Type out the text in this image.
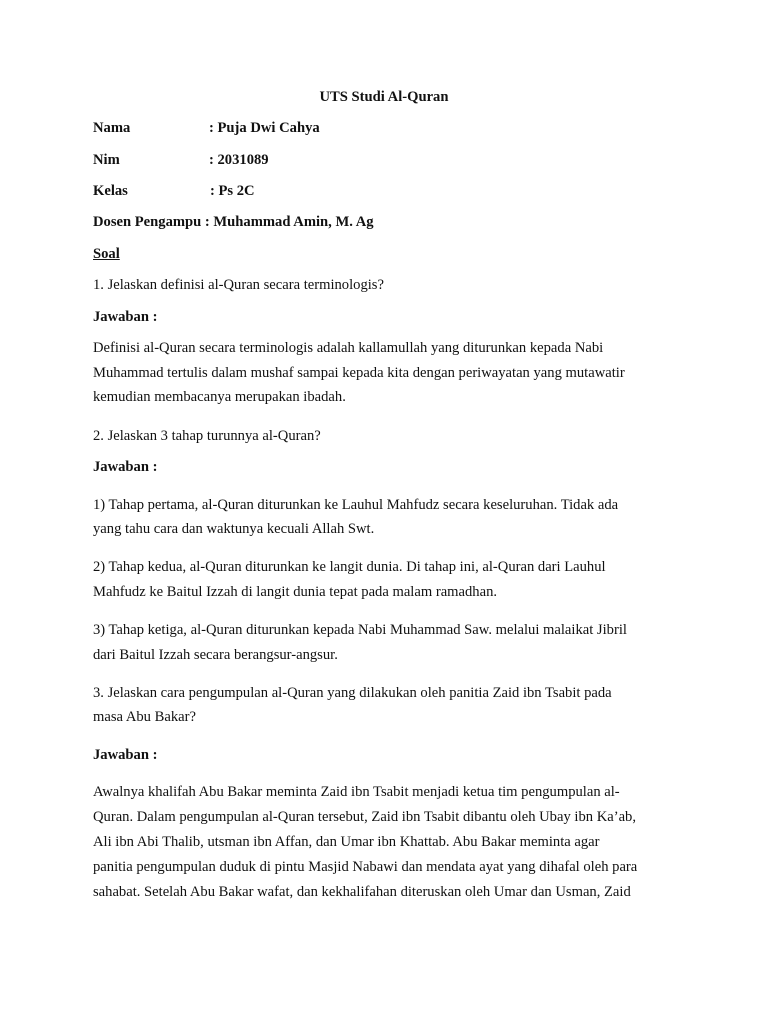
UTS Studi Al-Quran
Nama	: Puja Dwi Cahya
Nim	: 2031089
Kelas	: Ps 2C
Dosen Pengampu : Muhammad Amin, M. Ag
Soal
1. Jelaskan definisi al-Quran secara terminologis?
Jawaban :
Definisi al-Quran secara terminologis adalah kallamullah yang diturunkan kepada Nabi
Muhammad tertulis dalam mushaf sampai kepada kita dengan periwayatan yang mutawatir
kemudian membacanya merupakan ibadah.
2. Jelaskan 3 tahap turunnya al-Quran?
Jawaban :
1) Tahap pertama, al-Quran diturunkan ke Lauhul Mahfudz secara keseluruhan. Tidak ada
yang tahu cara dan waktunya kecuali Allah Swt.
2) Tahap kedua, al-Quran diturunkan ke langit dunia. Di tahap ini, al-Quran dari Lauhul
Mahfudz ke Baitul Izzah di langit dunia tepat pada malam ramadhan.
3) Tahap ketiga, al-Quran diturunkan kepada Nabi Muhammad Saw. melalui malaikat Jibril
dari Baitul Izzah secara berangsur-angsur.
3. Jelaskan cara pengumpulan al-Quran yang dilakukan oleh panitia Zaid ibn Tsabit pada
masa Abu Bakar?
Jawaban :
Awalnya khalifah Abu Bakar meminta Zaid ibn Tsabit menjadi ketua tim pengumpulan al-
Quran. Dalam pengumpulan al-Quran tersebut, Zaid ibn Tsabit dibantu oleh Ubay ibn Ka’ab,
Ali ibn Abi Thalib, utsman ibn Affan, dan Umar ibn Khattab. Abu Bakar meminta agar
panitia pengumpulan duduk di pintu Masjid Nabawi dan mendata ayat yang dihafal oleh para
sahabat. Setelah Abu Bakar wafat, dan kekhalifahan diteruskan oleh Umar dan Usman, Zaid
